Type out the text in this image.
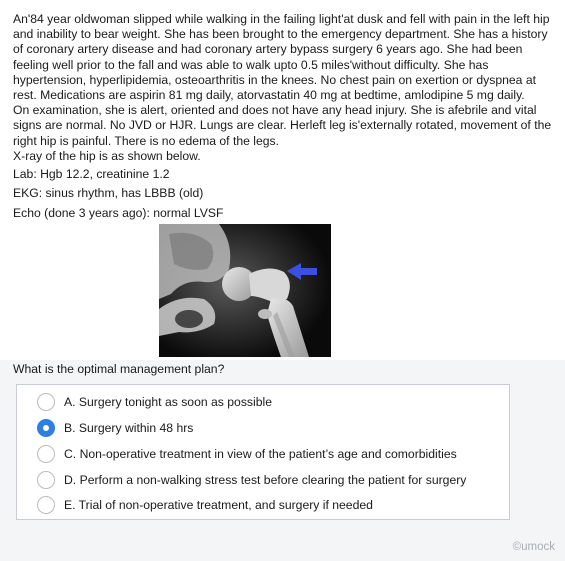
An'84 year oldwoman slipped while walking in the failing light'at dusk and fell with pain in the left hip

and inability to bear weight. She has been brought to the emergency department. She has a history

of coronary artery disease and had coronary artery bypass surgery 6 years ago. She had been

feeling well prior to the fall and was able to walk upto 0.5 miles'without difficulty. She has

hypertension, hyperlipidemia, osteoarthritis in the knees. No chest pain on exertion or dyspnea at

rest. Medications are aspirin 81 mg daily, atorvastatin 40 mg at bedtime, amlodipine 5 mg daily.

On examination, she is alert, oriented and does not have any head injury. She is afebrile and vital

signs are normal. No JVD or HJR. Lungs are clear. Herleft leg is'externally rotated, movement of the

right hip is painful. There is no edema of the legs.

X-ray of the hip is as shown below.

Lab: Hgb 12.2, creatinine 1.2
EKG: sinus rhythm, has LBBB (old)
Echo (done 3 years ago): normal LVSF
What is the optimal management plan?
A. Surgery tonight as soon as possible
B. Surgery within 48 hrs
C. Non-operative treatment in view of the patient’s age and comorbidities
D. Perform a non-walking stress test before clearing the patient for surgery
E. Trial of non-operative treatment, and surgery if needed
©umock
